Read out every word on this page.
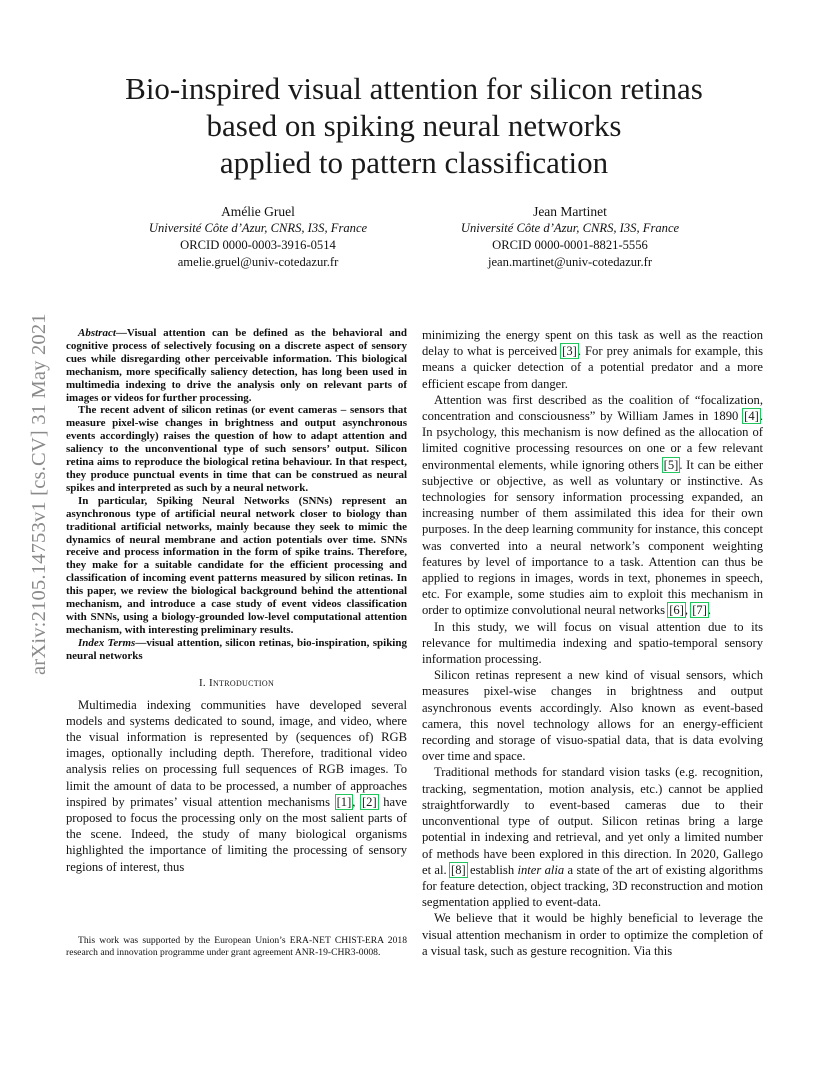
Bio-inspired visual attention for silicon retinas
based on spiking neural networks
applied to pattern classification
Amélie Gruel
Université Côte d’Azur, CNRS, I3S, France
ORCID 0000-0003-3916-0514
amelie.gruel@univ-cotedazur.fr
Jean Martinet
Université Côte d’Azur, CNRS, I3S, France
ORCID 0000-0001-8821-5556
jean.martinet@univ-cotedazur.fr
arXiv:2105.14753v1 [cs.CV] 31 May 2021	Abstract—Visual attention can be defined as the behavioral and cognitive process of selectively focusing on a discrete aspect of sensory cues while disregarding other perceivable information. This biological mechanism, more specifically saliency detection, has long been used in multimedia indexing to drive the analysis only on relevant parts of images or videos for further processing.

The recent advent of silicon retinas (or event cameras – sensors that measure pixel-wise changes in brightness and output asynchronous events accordingly) raises the question of how to adapt attention and saliency to the unconventional type of such sensors’ output. Silicon retina aims to reproduce the biological retina behaviour. In that respect, they produce punctual events in time that can be construed as neural spikes and interpreted as such by a neural network.

In particular, Spiking Neural Networks (SNNs) represent an asynchronous type of artificial neural network closer to biology than traditional artificial networks, mainly because they seek to mimic the dynamics of neural membrane and action potentials over time. SNNs receive and process information in the form of spike trains. Therefore, they make for a suitable candidate for the efficient processing and classification of incoming event patterns measured by silicon retinas. In this paper, we review the biological background behind the attentional mechanism, and introduce a case study of event videos classification with SNNs, using a biology-grounded low-level computational attention mechanism, with interesting preliminary results.

Index Terms—visual attention, silicon retinas, bio-inspiration, spiking neural networks

I. Introduction

Multimedia indexing communities have developed several models and systems dedicated to sound, image, and video, where the visual information is represented by (sequences of) RGB images, optionally including depth. Therefore, traditional video analysis relies on processing full sequences of RGB images. To limit the amount of data to be processed, a number of approaches inspired by primates’ visual attention mechanisms [1], [2] have proposed to focus the processing only on the most salient parts of the scene. Indeed, the study of many biological organisms highlighted the importance of limiting the processing of sensory regions of interest, thus

This work was supported by the European Union’s ERA-NET CHIST-ERA 2018 research and innovation programme under grant agreement ANR-19-CHR3-0008.

minimizing the energy spent on this task as well as the reaction delay to what is perceived [3]. For prey animals for example, this means a quicker detection of a potential predator and a more efficient escape from danger.

Attention was first described as the coalition of “focalization, concentration and consciousness” by William James in 1890 [4]. In psychology, this mechanism is now defined as the allocation of limited cognitive processing resources on one or a few relevant environmental elements, while ignoring others [5]. It can be either subjective or objective, as well as voluntary or instinctive. As technologies for sensory information processing expanded, an increasing number of them assimilated this idea for their own purposes. In the deep learning community for instance, this concept was converted into a neural network’s component weighting features by level of importance to a task. Attention can thus be applied to regions in images, words in text, phonemes in speech, etc. For example, some studies aim to exploit this mechanism in order to optimize convolutional neural networks [6], [7].

In this study, we will focus on visual attention due to its relevance for multimedia indexing and spatio-temporal sensory information processing.

Silicon retinas represent a new kind of visual sensors, which measures pixel-wise changes in brightness and output asynchronous events accordingly. Also known as event-based camera, this novel technology allows for an energy-efficient recording and storage of visuo-spatial data, that is data evolving over time and space.

Traditional methods for standard vision tasks (e.g. recognition, tracking, segmentation, motion analysis, etc.) cannot be applied straightforwardly to event-based cameras due to their unconventional type of output. Silicon retinas bring a large potential in indexing and retrieval, and yet only a limited number of methods have been explored in this direction. In 2020, Gallego et al. [8] establish inter alia a state of the art of existing algorithms for feature detection, object tracking, 3D reconstruction and motion segmentation applied to event-data.

We believe that it would be highly beneficial to leverage the visual attention mechanism in order to optimize the completion of a visual task, such as gesture recognition. Via this
